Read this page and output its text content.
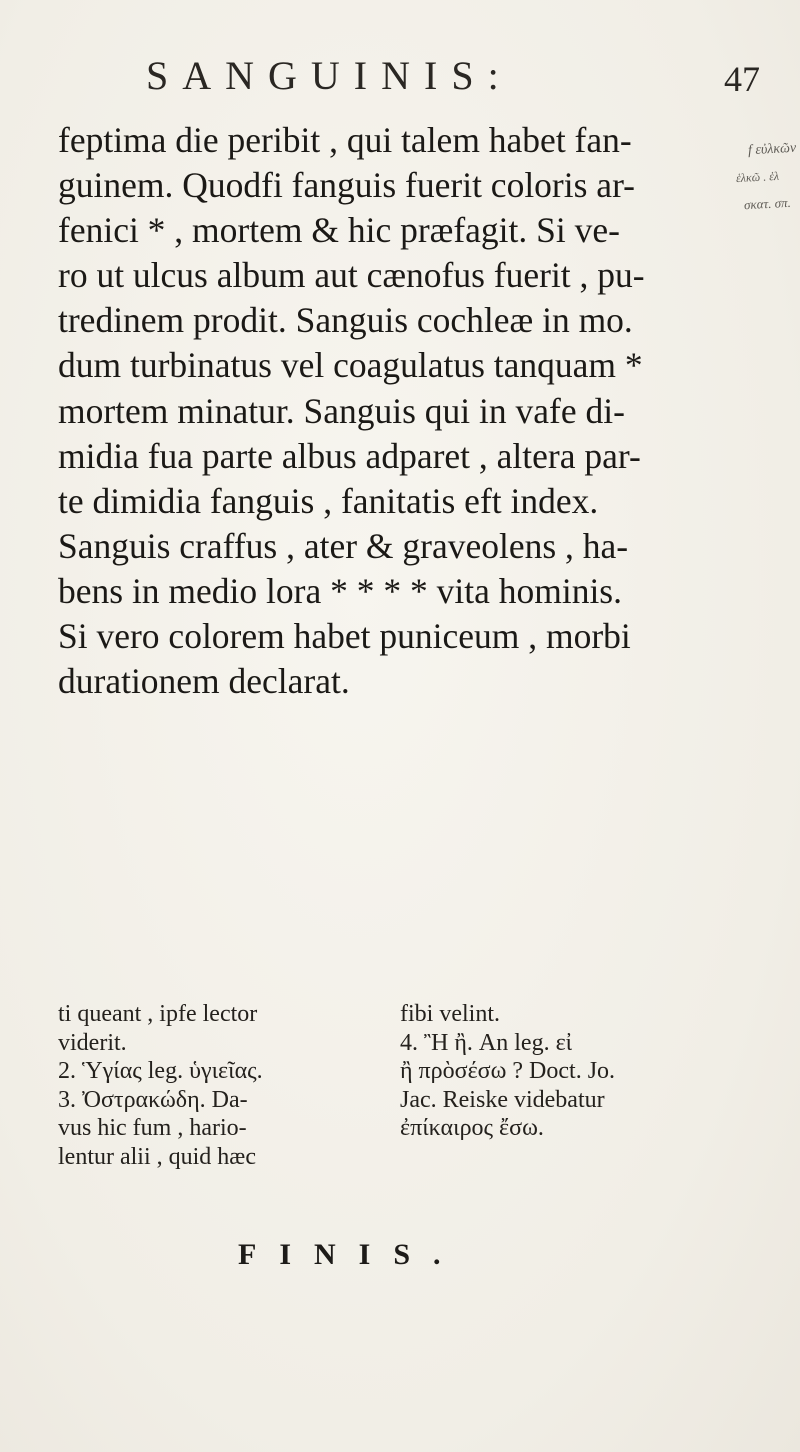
SANGUINIS:	47
feptima die peribit , qui talem habet fan-
guinem. Quodfi fanguis fuerit coloris ar-
fenici * , mortem & hic præfagit. Si ve-
ro ut ulcus album aut cænofus fuerit , pu-
tredinem prodit. Sanguis cochleæ in mo.
dum turbinatus vel coagulatus tanquam *
mortem minatur. Sanguis qui in vafe di-
midia fua parte albus adparet , altera par-
te dimidia fanguis , fanitatis eft index.
Sanguis craffus , ater & graveolens , ha-
bens in medio lora * * * * vita hominis.
Si vero colorem habet puniceum , morbi
durationem declarat.
f εὐλκῶν
ἑλκῶ . ἑλ
σκατ. σπ.
ti queant , ipfe lector
viderit.
2. Ὑγίας leg. ὑγιεῖας.
3. Ὀστρακώδη. Da-
vus hic fum , hario-
lentur alii , quid hæc
fibi velint.
4. Ἢ ἢ. An leg. εἰ
ἢ πρὸσέσω ? Doct. Jo.
Jac. Reiske videbatur
ἐπίκαιρος ἔσω.
FINIS.
